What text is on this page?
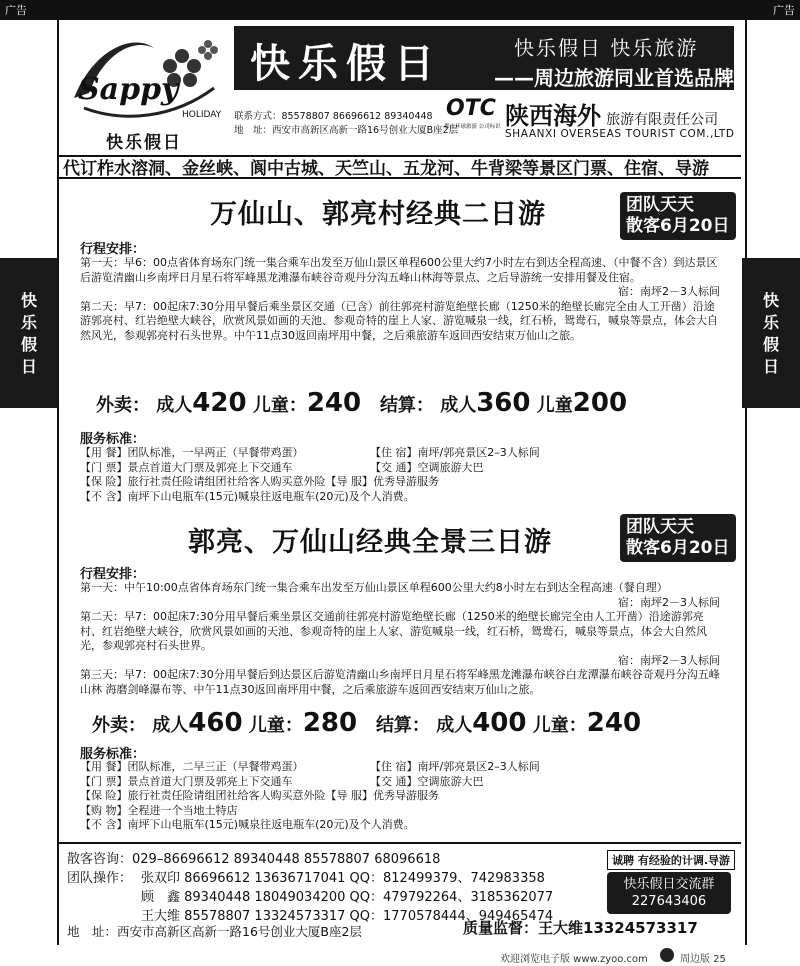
广告	广告
快
乐
假
日
快
乐
假
日
Sappy
HOLIDAY
快乐假日
快乐假日	快乐假日 快乐旅游
——周边旅游同业首选品牌
联系方式：85578807 86696612 89340448
地　址：西安市高新区高新一路16号创业大厦B座2层
OTC
都市环球旅游 公司标识 陕西海外 旅游有限责任公司
SHAANXI OVERSEAS TOURIST COM.,LTD
代订柞水溶洞、金丝峡、阆中古城、天竺山、五龙河、牛背梁等景区门票、住宿、导游
万仙山、郭亮村经典二日游	团队天天
散客6月20日
行程安排：
第一天：早6：00点省体育场东门统一集合乘车出发至万仙山景区单程600公里大约7小时左右到达全程高速、（中餐不含）到达景区后游览清幽山乡南坪日月星石将军峰黑龙滩瀑布峡谷奇观丹分沟五峰山林海等景点、之后导游统一安排用餐及住宿。
宿：南坪2－3人标间
第二天：早7：00起床7:30分用早餐后乘坐景区交通（已含）前往郭亮村游览绝壁长廊（1250米的绝壁长廊完全由人工开凿）沿途游郭亮村、红岩绝壁大峡谷，欣赏风景如画的天池、参观奇特的崖上人家、游览喊泉一线，红石桥，鸳鸯石，喊泉等景点，体会大自然风光，参观郭亮村石头世界。中午11点30返回南坪用中餐，之后乘旅游车返回西安结束万仙山之旅。
外卖： 成人420 儿童：240 结算： 成人360 儿童200
服务标准：
【用 餐】团队标准，一早两正（早餐带鸡蛋）	【住 宿】南坪/郭亮景区2–3人标间
【门 票】景点首道大门票及郭亮上下交通车	【交 通】空调旅游大巴
【保 险】旅行社责任险请组团社给客人购买意外险【导 服】优秀导游服务
【不 含】南坪下山电瓶车(15元)喊泉往返电瓶车(20元)及个人消费。
郭亮、万仙山经典全景三日游	团队天天
散客6月20日
行程安排：
第一天：中午10:00点省体育场东门统一集合乘车出发至万仙山景区单程600公里大约8小时左右到达全程高速（餐自理）
宿：南坪2－3人标间
第二天：早7：00起床7:30分用早餐后乘坐景区交通前往郭亮村游览绝壁长廊（1250米的绝壁长廊完全由人工开凿）沿途游郭亮村、红岩绝壁大峡谷，欣赏风景如画的天池、参观奇特的崖上人家、游览喊泉一线，红石桥，鸳鸯石，喊泉等景点，体会大自然风光，参观郭亮村石头世界。
宿：南坪2－3人标间
第三天：早7：00起床7:30分用早餐后到达景区后游览清幽山乡南坪日月星石将军峰黑龙滩瀑布峡谷白龙潭瀑布峡谷奇观丹分沟五峰山林 海磨剑峰瀑布等、中午11点30返回南坪用中餐，之后乘旅游车返回西安结束万仙山之旅。
外卖： 成人460 儿童：280 结算： 成人400 儿童：240
服务标准：
【用 餐】团队标准，二早三正（早餐带鸡蛋）	【住 宿】南坪/郭亮景区2–3人标间
【门 票】景点首道大门票及郭亮上下交通车	【交 通】空调旅游大巴
【保 险】旅行社责任险请组团社给客人购买意外险【导 服】优秀导游服务
【购 物】全程进一个当地土特店
【不 含】南坪下山电瓶车(15元)喊泉往返电瓶车(20元)及个人消费。
散客咨询：029–86696612 89340448 85578807 68096618
团队操作： 张双印 86696612 13636717041 QQ：812499379、742983358
顾　鑫 89340448 18049034200 QQ：479792264、3185362077
王大维 85578807 13324573317 QQ：1770578444、949465474
地　址：西安市高新区高新一路16号创业大厦B座2层	质量监督：王大维13324573317
诚聘 有经验的计调.导游
快乐假日交流群
227643406
欢迎浏览电子版 www.zyoo.com	周边版 25
